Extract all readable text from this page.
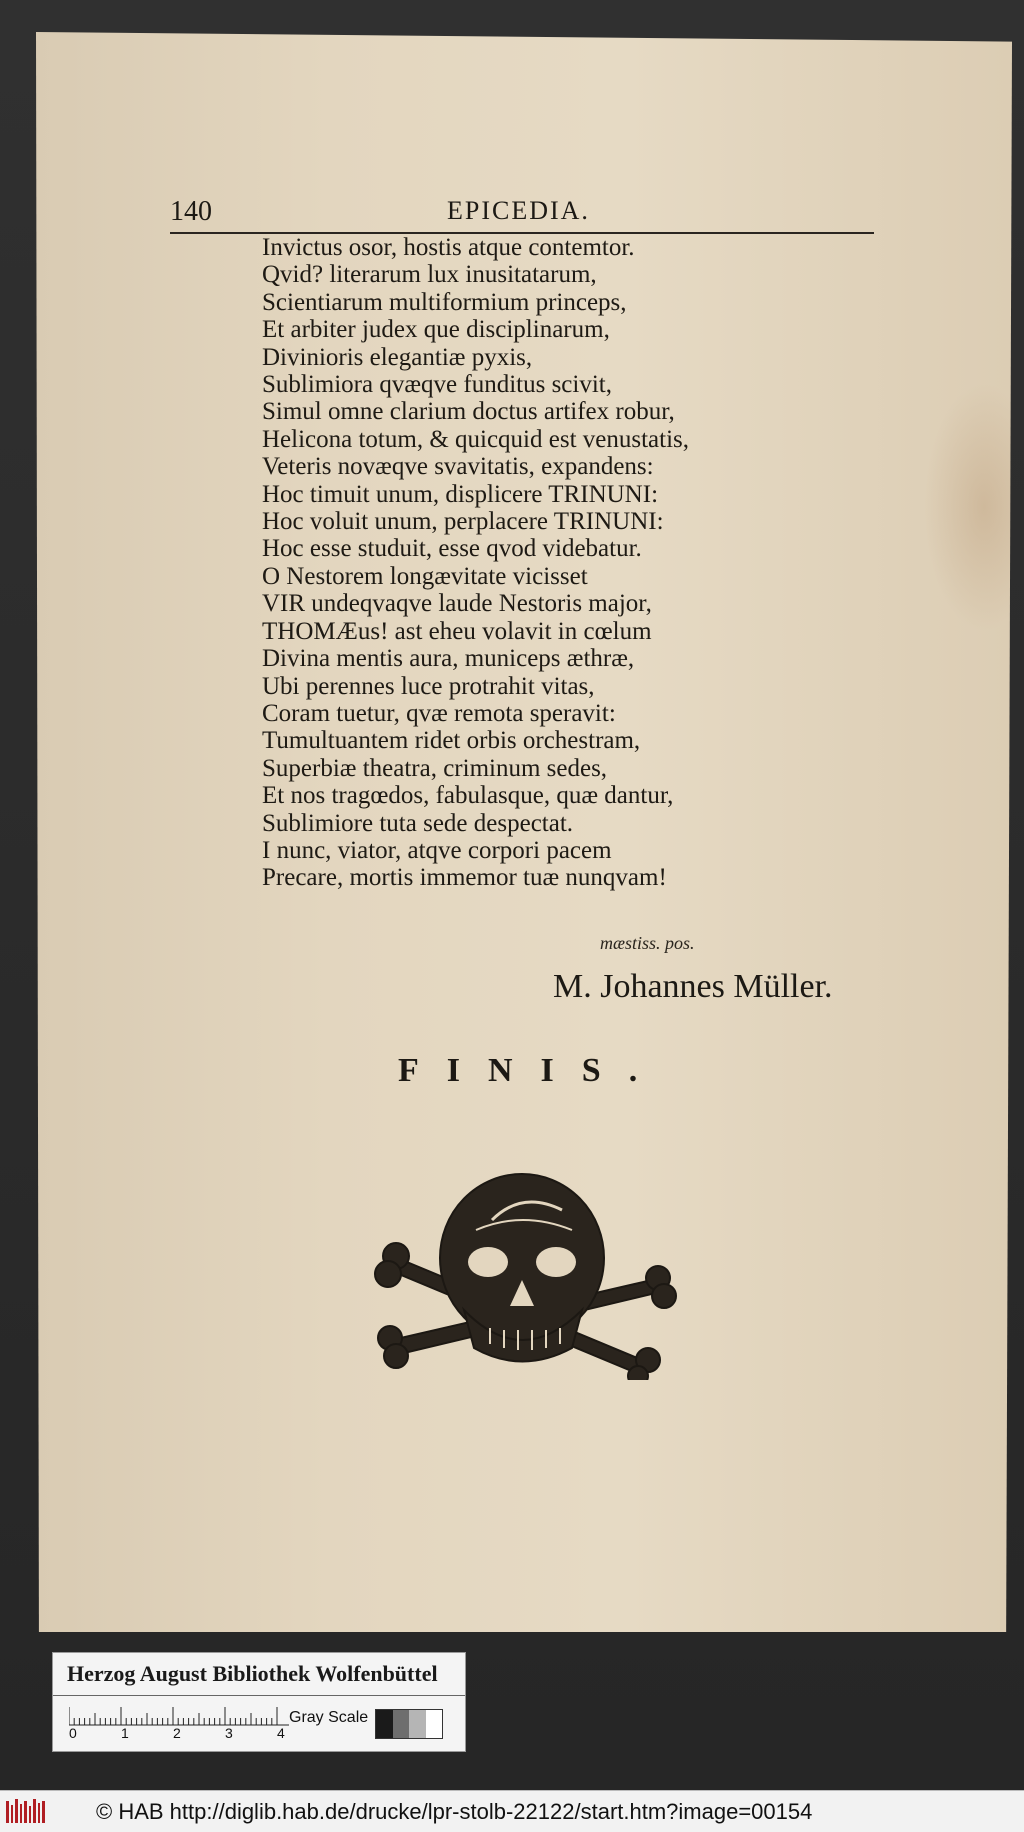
140	EPICEDIA.
Invictus osor, hostis atque contemtor.
Qvid? literarum lux inusitatarum,
Scientiarum multiformium princeps,
Et arbiter judex que disciplinarum,
Divinioris elegantiæ pyxis,
Sublimiora qvæqve funditus scivit,
Simul omne clarium doctus artifex robur,
Helicona totum, & quicquid est venustatis,
Veteris novæqve svavitatis, expandens:
Hoc timuit unum, displicere TRINUNI:
Hoc voluit unum, perplacere TRINUNI:
Hoc esse studuit, esse qvod videbatur.
O Nestorem longævitate vicisset
VIR undeqvaqve laude Nestoris major,
THOMÆus! ast eheu volavit in cœlum
Divina mentis aura, municeps æthræ,
Ubi perennes luce protrahit vitas,
Coram tuetur, qvæ remota speravit:
Tumultuantem ridet orbis orchestram,
Superbiæ theatra, criminum sedes,
Et nos tragœdos, fabulasque, quæ dantur,
Sublimiore tuta sede despectat.
I nunc, viator, atqve corpori pacem
Precare, mortis immemor tuæ nunqvam!
mæstiss. pos.
M. Johannes Müller.
FINIS.
Herzog August Bibliothek Wolfenbüttel
0	1	2	3	4
Gray Scale
© HAB http://diglib.hab.de/drucke/lpr-stolb-22122/start.htm?image=00154
